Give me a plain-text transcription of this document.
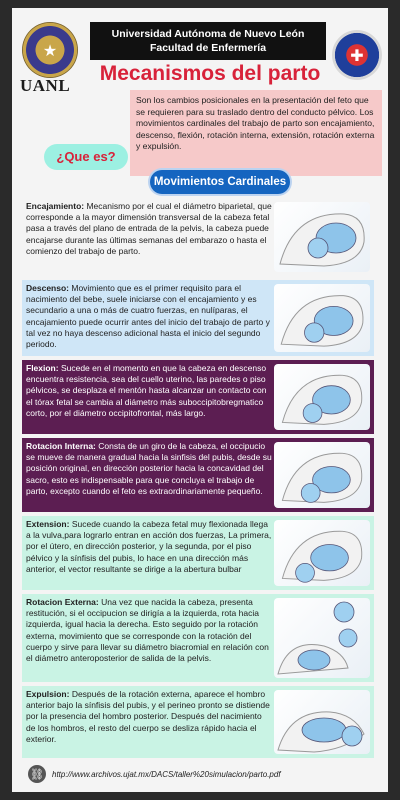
★
UANL
Universidad Autónoma de Nuevo León
Facultad de Enfermería	✚
Mecanismos del parto
Son los cambios posicionales en la presentación del feto que se requieren para su traslado dentro del conducto pélvico. Los movimientos cardinales del trabajo de parto son encajamiento, descenso, flexión, rotación interna, extensión, rotación externa y expulsión.
¿Que es?
Movimientos Cardinales
Encajamiento: Mecanismo por el cual el diámetro biparietal, que corresponde a la mayor dimensión transversal de la cabeza fetal pasa a través del plano de entrada de la pelvis, la cabeza puede encajarse durante las últimas semanas del embarazo o hasta el comienzo del trabajo de parto.
Descenso: Movimiento que es el primer requisito para el nacimiento del bebe, suele iniciarse con el encajamiento y es secundario a una o más de cuatro fuerzas, en nulíparas, el encajamiento puede ocurrir antes del inicio del trabajo de parto y tal vez no haya descenso adicional hasta el inicio del segundo periodo.
Flexion: Sucede en el momento en que la cabeza en descenso encuentra resistencia, sea del cuello uterino, las paredes o piso pélvicos, se desplaza el mentón hasta alcanzar un contacto con el tórax fetal se cambia al diámetro más suboccipitobregmatico corto, por el diámetro occipitofrontal, más largo.
Rotacion Interna: Consta de un giro de la cabeza, el occipucio se mueve de manera gradual hacia la sinfisis del pubis, desde su posición original, en dirección posterior hacia la concavidad del sacro, esto es indispensable para que concluya el trabajo de parto, excepto cuando el feto es extraordinariamente pequeño.
Extension: Sucede cuando la cabeza fetal muy flexionada llega a la vulva,para lograrlo entran en acción dos fuerzas, La primera, por el útero, en dirección posterior, y la segunda, por el piso pélvico y la sínfisis del pubis, lo hace en una dirección más anterior, el vector resultante se dirige a la abertura bulbar
Rotacion Externa: Una vez que nacida la cabeza, presenta restitución, si el occipucion se dirigía a la izquierda, rota hacia izquierda, igual hacia la derecha. Esto seguido por la rotación externa, movimiento que se corresponde con la rotación del cuerpo y sirve para llevar su diámetro biacromial en relación con el diámetro anteroposterior de salida de la pelvis.
Expulsion: Después de la rotación externa, aparece el hombro anterior bajo la sínfisis del pubis, y el perineo pronto se distiende por la presencia del hombro posterior. Después del nacimiento de los hombros, el resto del cuerpo se desliza rápido hacia el exterior.
⛓ http://www.archivos.ujat.mx/DACS/taller%20simulacion/parto.pdf
